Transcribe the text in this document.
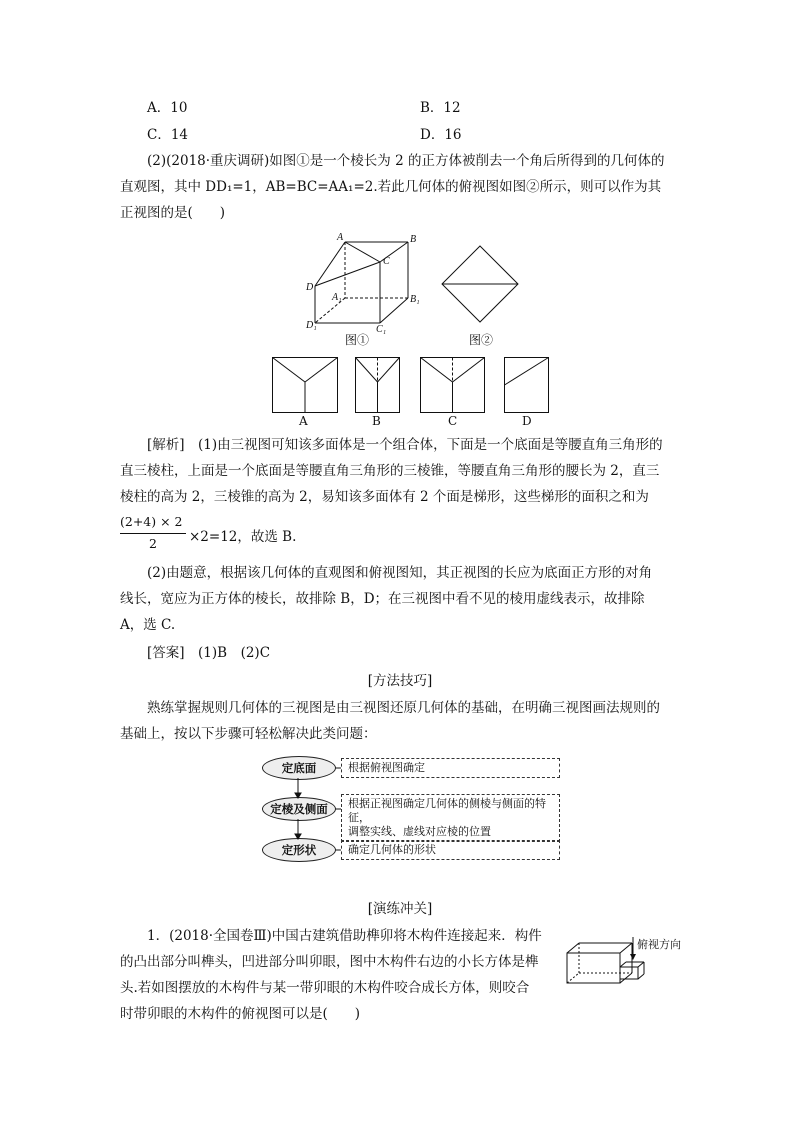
A．10	B．12
C．14	D．16
(2)(2018·重庆调研)如图①是一个棱长为 2 的正方体被削去一个角后所得到的几何体的
直观图，其中 DD₁=1，AB=BC=AA₁=2.若此几何体的俯视图如图②所示，则可以作为其
正视图的是(　　)
A	B
C
D
A₁	B₁
D₁	C₁
图①	图②
A	B	C	D
[解析]　(1)由三视图可知该多面体是一个组合体，下面是一个底面是等腰直角三角形的
直三棱柱，上面是一个底面是等腰直角三角形的三棱锥，等腰直角三角形的腰长为 2，直三
棱柱的高为 2，三棱锥的高为 2，易知该多面体有 2 个面是梯形，这些梯形的面积之和为
(2+4) × 2
2 ×2=12，故选 B.
(2)由题意，根据该几何体的直观图和俯视图知，其正视图的长应为底面正方形的对角
线长，宽应为正方体的棱长，故排除 B，D；在三视图中看不见的棱用虚线表示，故排除
A，选 C.
[答案]　(1)B　(2)C
[方法技巧]
熟练掌握规则几何体的三视图是由三视图还原几何体的基础，在明确三视图画法规则的
基础上，按以下步骤可轻松解决此类问题：
定底面	根据俯视图确定
定棱及侧面	根据正视图确定几何体的侧棱与侧面的特征，
调整实线、虚线对应棱的位置
定形状	确定几何体的形状
[演练冲关]
1．(2018·全国卷Ⅲ)中国古建筑借助榫卯将木构件连接起来．构件
的凸出部分叫榫头，凹进部分叫卯眼，图中木构件右边的小长方体是榫
头.若如图摆放的木构件与某一带卯眼的木构件咬合成长方体，则咬合
时带卯眼的木构件的俯视图可以是(　　)
俯视方向
